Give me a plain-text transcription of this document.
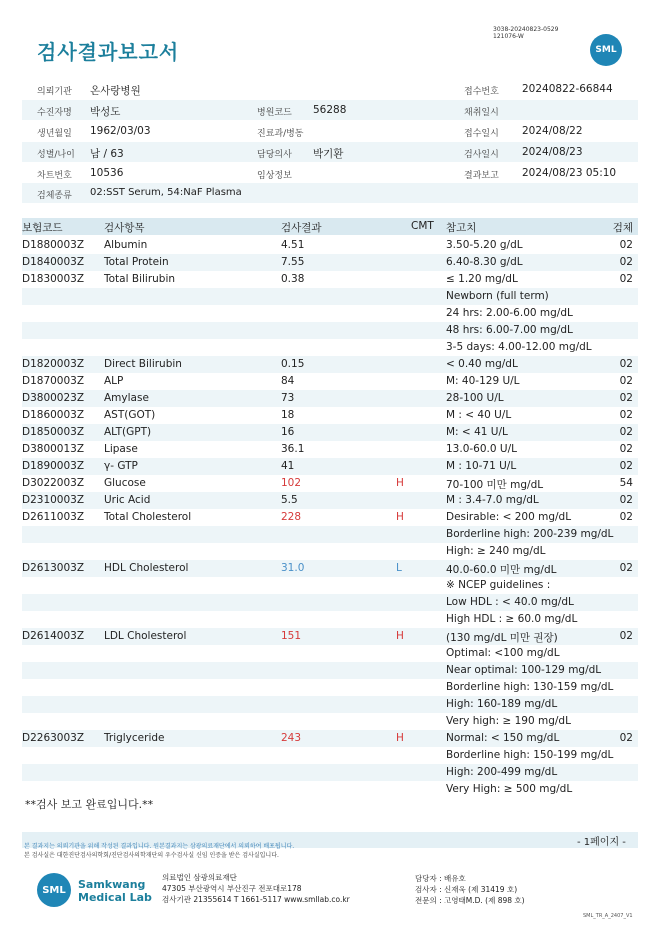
검사결과보고서
3038-20240823-0529
121076-W
SML
의뢰기관 온사랑병원	접수번호 20240822-66844
수진자명 박성도	병원코드 56288	채취일시
생년월일 1962/03/03	진료과/병동	접수일시 2024/08/22
성별/나이 남 / 63	담당의사 박기환	검사일시 2024/08/23
차트번호 10536	임상정보	결과보고 2024/08/23 05:10
검체종류 02:SST Serum, 54:NaF Plasma
보험코드	검사항목	검사결과	CMT 참고치	검체
D1880003Z Albumin	4.51	3.50-5.20 g/dL	02
D1840003Z Total Protein	7.55	6.40-8.30 g/dL	02
D1830003Z Total Bilirubin	0.38	≤ 1.20 mg/dL	02
Newborn (full term)
24 hrs: 2.00-6.00 mg/dL
48 hrs: 6.00-7.00 mg/dL
3-5 days: 4.00-12.00 mg/dL
D1820003Z Direct Bilirubin	0.15	< 0.40 mg/dL	02
D1870003Z ALP	84	M: 40-129 U/L	02
D3800023Z Amylase	73	28-100 U/L	02
D1860003Z AST(GOT)	18	M : < 40 U/L	02
D1850003Z ALT(GPT)	16	M: < 41 U/L	02
D3800013Z Lipase	36.1	13.0-60.0 U/L	02
D1890003Z γ- GTP	41	M : 10-71 U/L	02
D3022003Z Glucose	102	H	70-100 미만 mg/dL	54
D2310003Z Uric Acid	5.5	M : 3.4-7.0 mg/dL	02
D2611003Z Total Cholesterol	228	H	Desirable: < 200 mg/dL	02
Borderline high: 200-239 mg/dL
High: ≥ 240 mg/dL
D2613003Z HDL Cholesterol	31.0	L	40.0-60.0 미만 mg/dL	02
※ NCEP guidelines :
Low HDL : < 40.0 mg/dL
High HDL : ≥ 60.0 mg/dL
D2614003Z LDL Cholesterol	151	H	(130 mg/dL 미만 권장)	02
Optimal: <100 mg/dL
Near optimal: 100-129 mg/dL
Borderline high: 130-159 mg/dL
High: 160-189 mg/dL
Very high: ≥ 190 mg/dL
D2263003Z Triglyceride	243	H	Normal: < 150 mg/dL	02
Borderline high: 150-199 mg/dL
High: 200-499 mg/dL
Very High: ≥ 500 mg/dL
**검사 보고 완료입니다.**
본 결과지는 의뢰기관을 위해 작성된 결과입니다. 원본결과지는 삼광의료재단에서 의뢰하여 배포됩니다.
본 검사실은 대한진단검사의학회/진단검사의학재단의 우수검사실 신임 인증을 받은 검사실입니다.
- 1페이지 -
SML	Samkwang
Medical Lab
의료법인 삼광의료재단
47305 부산광역시 부산진구 전포대로178
검사기관 21355614 T 1661-5117 www.smllab.co.kr
담당자 : 배유호
검사자 : 신재욱 (제 31419 호)
전문의 : 고영태M.D. (제 898 호)
SML_TR_A_2407_V1
